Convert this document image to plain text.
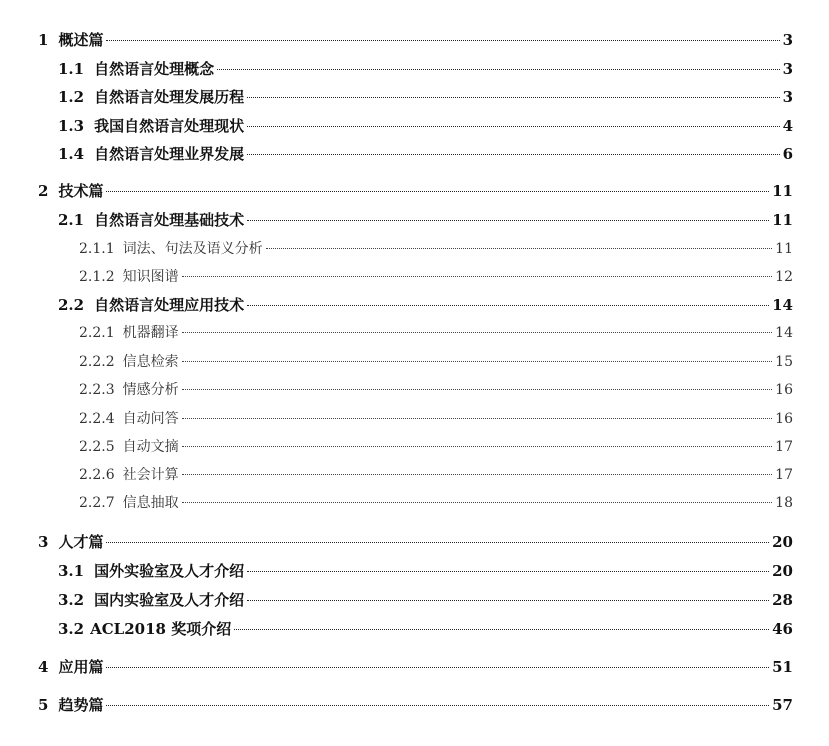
1 概述篇	3
1.1 自然语言处理概念	3
1.2 自然语言处理发展历程	3
1.3 我国自然语言处理现状	4
1.4 自然语言处理业界发展	6
2 技术篇	11
2.1 自然语言处理基础技术	11
2.1.1 词法、句法及语义分析	11
2.1.2 知识图谱	12
2.2 自然语言处理应用技术	14
2.2.1 机器翻译	14
2.2.2 信息检索	15
2.2.3 情感分析	16
2.2.4 自动问答	16
2.2.5 自动文摘	17
2.2.6 社会计算	17
2.2.7 信息抽取	18
3 人才篇	20
3.1 国外实验室及人才介绍	20
3.2 国内实验室及人才介绍	28
3.2 ACL2018 奖项介绍	46
4 应用篇	51
5 趋势篇	57
